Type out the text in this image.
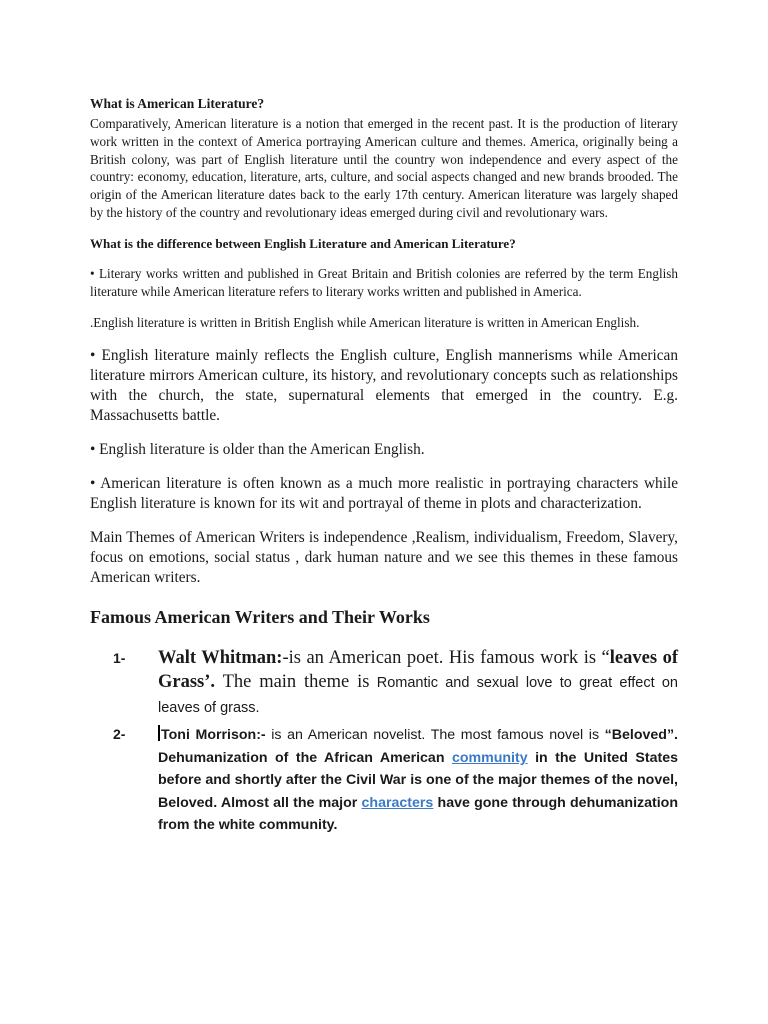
What is American Literature?

Comparatively, American literature is a notion that emerged in the recent past. It is the production of literary work written in the context of America portraying American culture and themes. America, originally being a British colony, was part of English literature until the country won independence and every aspect of the country: economy, education, literature, arts, culture, and social aspects changed and new brands brooded. The origin of the American literature dates back to the early 17th century. American literature was largely shaped by the history of the country and revolutionary ideas emerged during civil and revolutionary wars.

What is the difference between English Literature and American Literature?

• Literary works written and published in Great Britain and British colonies are referred by the term English literature while American literature refers to literary works written and published in America.

.English literature is written in British English while American literature is written in American English.

• English literature mainly reflects the English culture, English mannerisms while American literature mirrors American culture, its history, and revolutionary concepts such as relationships with the church, the state, supernatural elements that emerged in the country. E.g. Massachusetts battle.

• English literature is older than the American English.

• American literature is often known as a much more realistic in portraying characters while English literature is known for its wit and portrayal of theme in plots and characterization.

Main Themes of American Writers is independence ,Realism, individualism, Freedom, Slavery, focus on emotions, social status , dark human nature and we see this themes in these famous American writers.

Famous American Writers and Their Works
1-	Walt Whitman:-is an American poet. His famous work is “leaves of Grass’. The main theme is Romantic and sexual love to great effect on leaves of grass.
2-	Toni Morrison:- is an American novelist. The most famous novel is “Beloved”. Dehumanization of the African American community in the United States before and shortly after the Civil War is one of the major themes of the novel, Beloved. Almost all the major characters have gone through dehumanization from the white community.
